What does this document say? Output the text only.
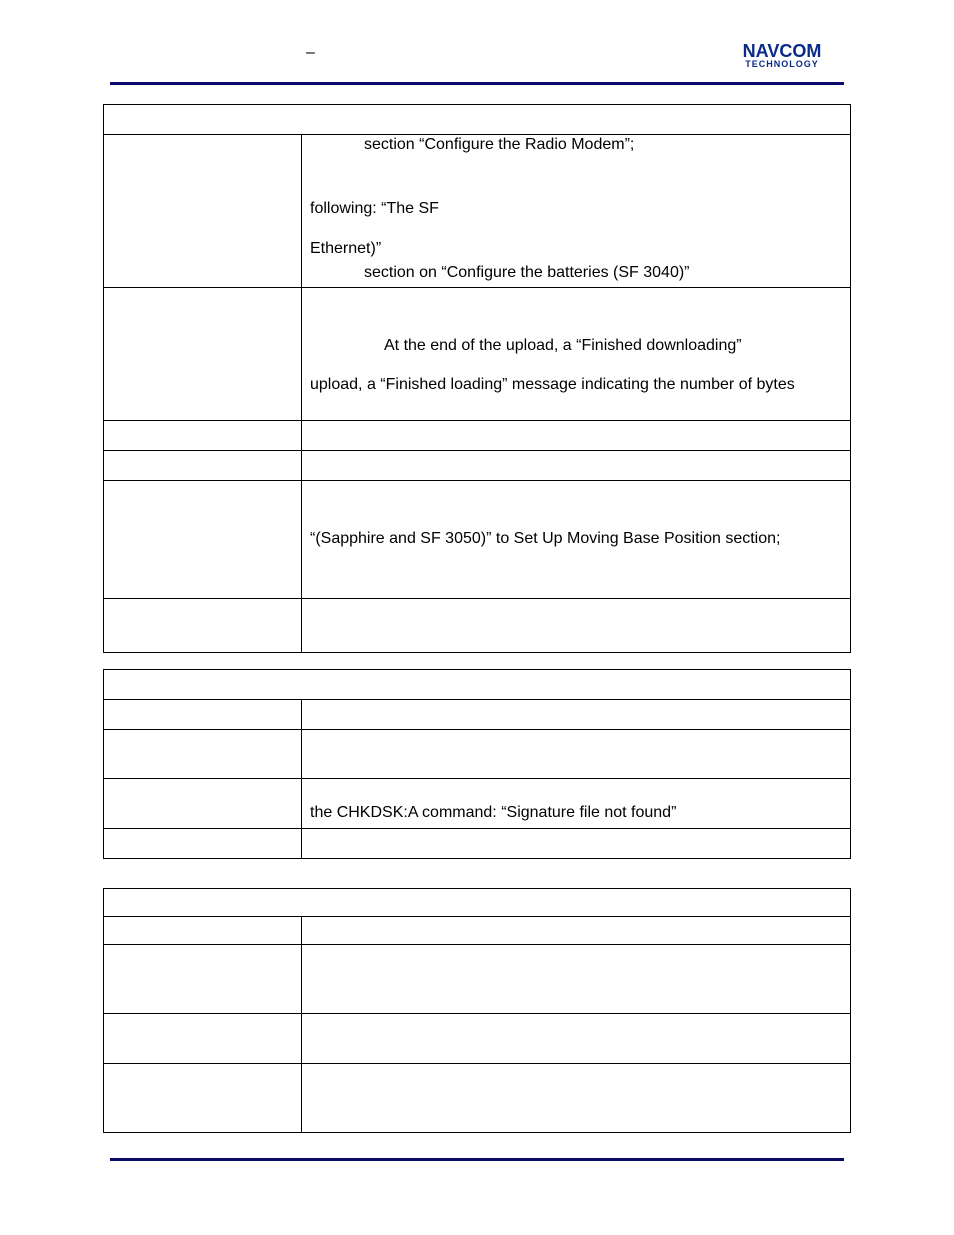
–	NAVCOM
TECHNOLOGY

	section “Configure the Radio Modem”;
following: “The SF
Ethernet)”
section on “Configure the batteries (SF 3040)”

	At the end of the upload, a “Finished downloading”
upload, a “Finished loading” message indicating the number of bytes

	“(Sapphire and SF 3050)” to Set Up Moving Base Position section;

	the CHKDSK:A command: “Signature file not found”
